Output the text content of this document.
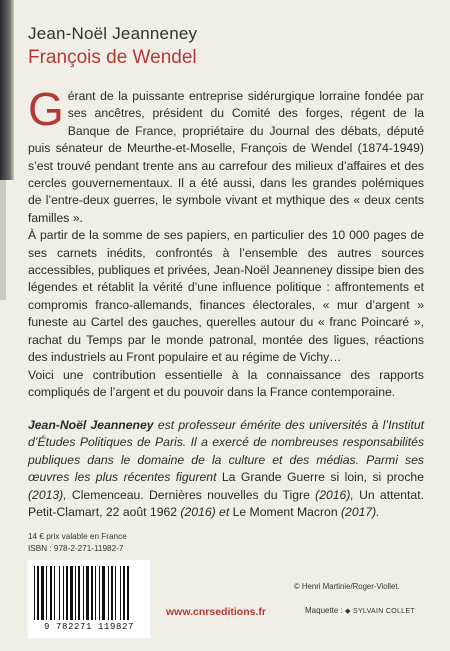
Jean-Noël Jeanneney
François de Wendel

Gérant de la puissante entreprise sidérurgique lorraine fondée par ses ancêtres, président du Comité des forges, régent de la Banque de France, propriétaire du Journal des débats, député puis sénateur de Meurthe-et-Moselle, François de Wendel (1874-1949) s’est trouvé pendant trente ans au carrefour des milieux d’affaires et des cercles gouvernementaux. Il a été aussi, dans les grandes polémiques de l’entre-deux guerres, le symbole vivant et mythique des « deux cents familles ».

À partir de la somme de ses papiers, en particulier des 10 000 pages de ses carnets inédits, confrontés à l’ensemble des autres sources accessibles, publiques et privées, Jean-Noël Jeanneney dissipe bien des légendes et rétablit la vérité d’une influence politique : affrontements et compromis franco-allemands, finances électorales, « mur d’argent » funeste au Cartel des gauches, querelles autour du « franc Poincaré », rachat du Temps par le monde patronal, montée des ligues, réactions des industriels au Front populaire et au régime de Vichy…

Voici une contribution essentielle à la connaissance des rapports compliqués de l’argent et du pouvoir dans la France contemporaine.

Jean-Noël Jeanneney est professeur émérite des universités à l’Institut d’Études Politiques de Paris. Il a exercé de nombreuses responsabilités publiques dans le domaine de la culture et des médias. Parmi ses œuvres les plus récentes figurent La Grande Guerre si loin, si proche (2013), Clemenceau. Dernières nouvelles du Tigre (2016), Un attentat. Petit-Clamart, 22 août 1962 (2016) et Le Moment Macron (2017).
14 € prix valable en France
ISBN : 978-2-271-11982-7
9 782271 119827
www.cnrseditions.fr
© Henri Martinie/Roger-Viollet.
Maquette : ◆ SYLVAIN COLLET
